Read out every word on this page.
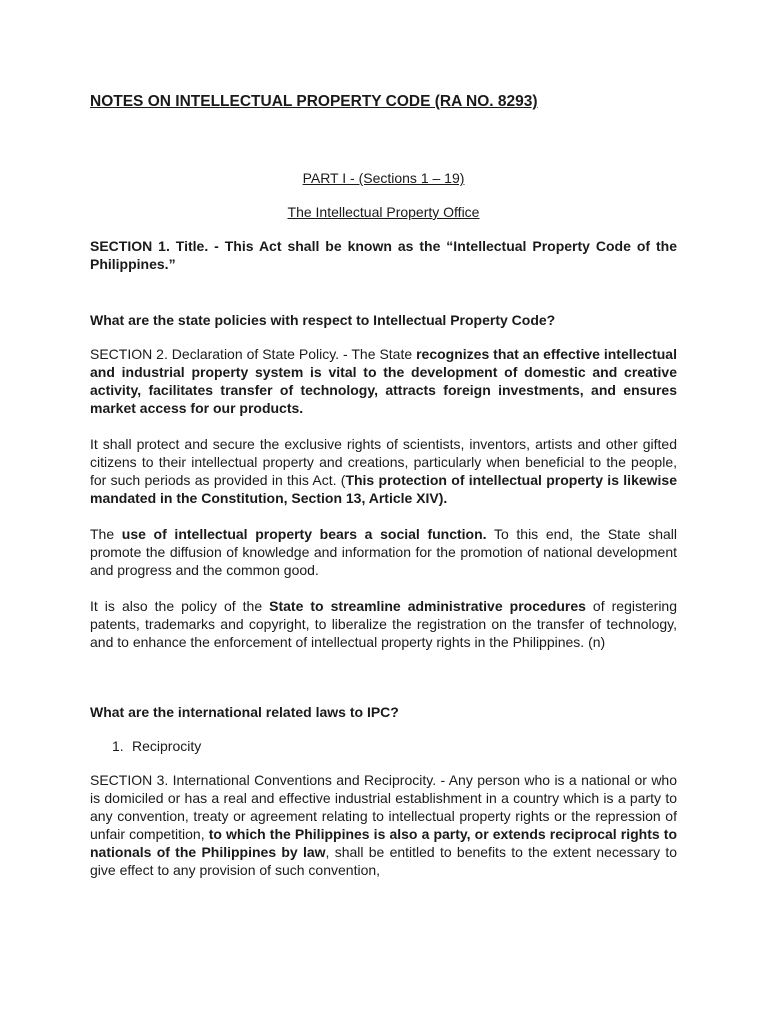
NOTES ON INTELLECTUAL PROPERTY CODE (RA NO. 8293)
PART I - (Sections 1 – 19)
The Intellectual Property Office

SECTION 1. Title. - This Act shall be known as the “Intellectual Property Code of the Philippines.”

What are the state policies with respect to Intellectual Property Code?

SECTION 2. Declaration of State Policy. - The State recognizes that an effective intellectual and industrial property system is vital to the development of domestic and creative activity, facilitates transfer of technology, attracts foreign investments, and ensures market access for our products.

It shall protect and secure the exclusive rights of scientists, inventors, artists and other gifted citizens to their intellectual property and creations, particularly when beneficial to the people, for such periods as provided in this Act. (This protection of intellectual property is likewise mandated in the Constitution, Section 13, Article XIV).

The use of intellectual property bears a social function. To this end, the State shall promote the diffusion of knowledge and information for the promotion of national development and progress and the common good.

It is also the policy of the State to streamline administrative procedures of registering patents, trademarks and copyright, to liberalize the registration on the transfer of technology, and to enhance the enforcement of intellectual property rights in the Philippines. (n)

What are the international related laws to IPC?

1. Reciprocity

SECTION 3. International Conventions and Reciprocity. - Any person who is a national or who is domiciled or has a real and effective industrial establishment in a country which is a party to any convention, treaty or agreement relating to intellectual property rights or the repression of unfair competition, to which the Philippines is also a party, or extends reciprocal rights to nationals of the Philippines by law, shall be entitled to benefits to the extent necessary to give effect to any provision of such convention,
